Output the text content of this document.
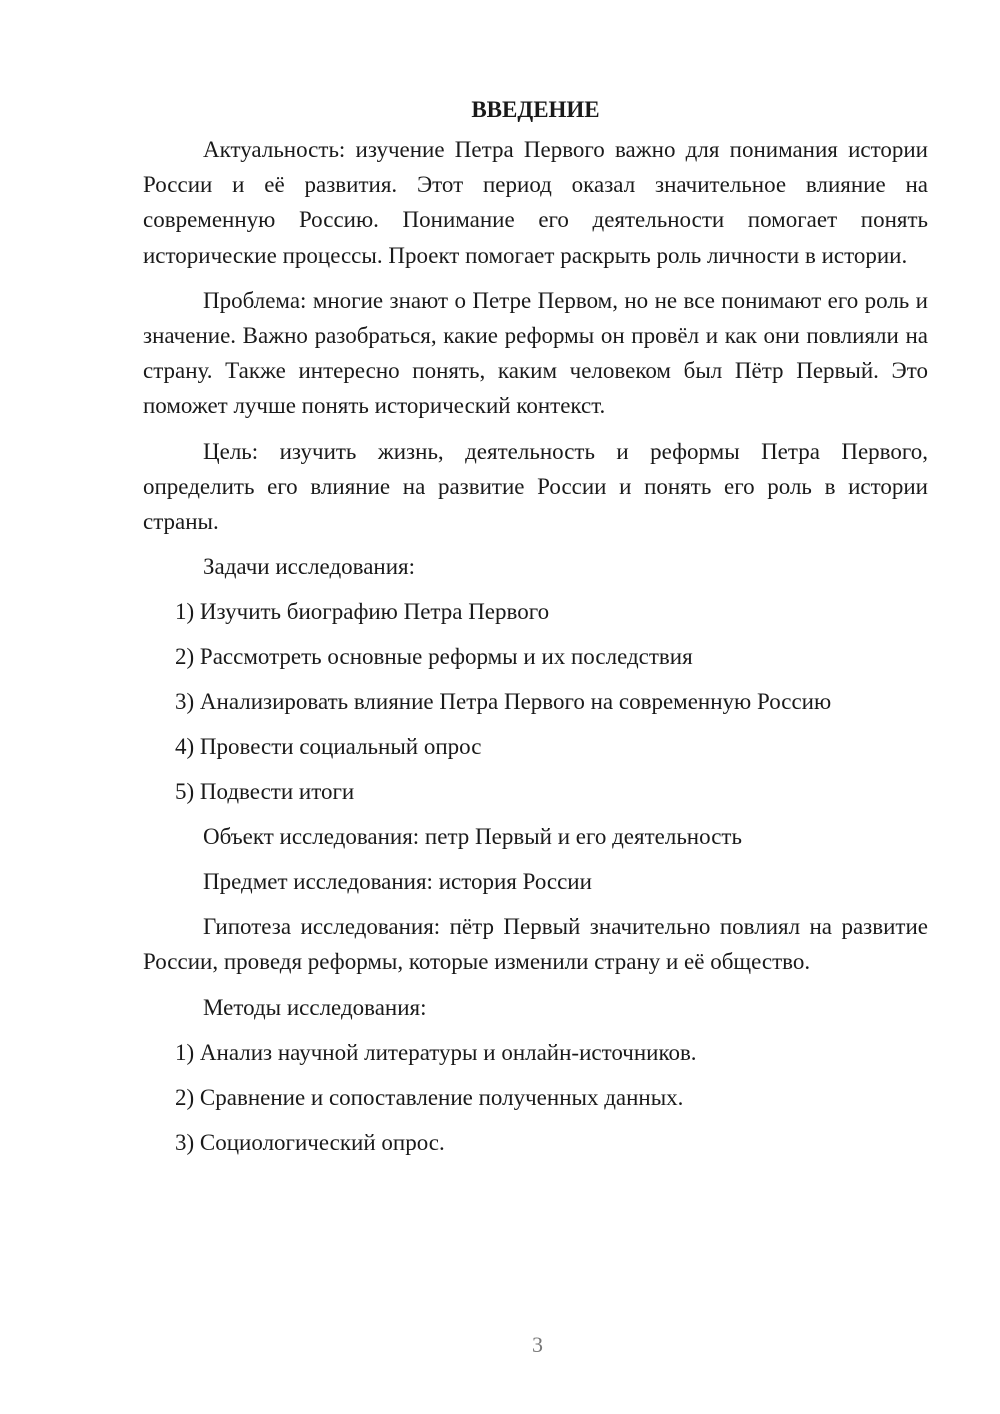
ВВЕДЕНИЕ

Актуальность: изучение Петра Первого важно для понимания истории России и её развития. Этот период оказал значительное влияние на современную Россию. Понимание его деятельности помогает понять исторические процессы. Проект помогает раскрыть роль личности в истории.

Проблема: многие знают о Петре Первом, но не все понимают его роль и значение. Важно разобраться, какие реформы он провёл и как они повлияли на страну. Также интересно понять, каким человеком был Пётр Первый. Это поможет лучше понять исторический контекст.

Цель: изучить жизнь, деятельность и реформы Петра Первого, определить его влияние на развитие России и понять его роль в истории страны.

Задачи исследования:
1) Изучить биографию Петра Первого
2) Рассмотреть основные реформы и их последствия
3) Анализировать влияние Петра Первого на современную Россию
4) Провести социальный опрос
5) Подвести итоги
Объект исследования: петр Первый и его деятельность
Предмет исследования: история России

Гипотеза исследования: пётр Первый значительно повлиял на развитие России, проведя реформы, которые изменили страну и её общество.

Методы исследования:
1) Анализ научной литературы и онлайн-источников.
2) Сравнение и сопоставление полученных данных.
3) Социологический опрос.
3
